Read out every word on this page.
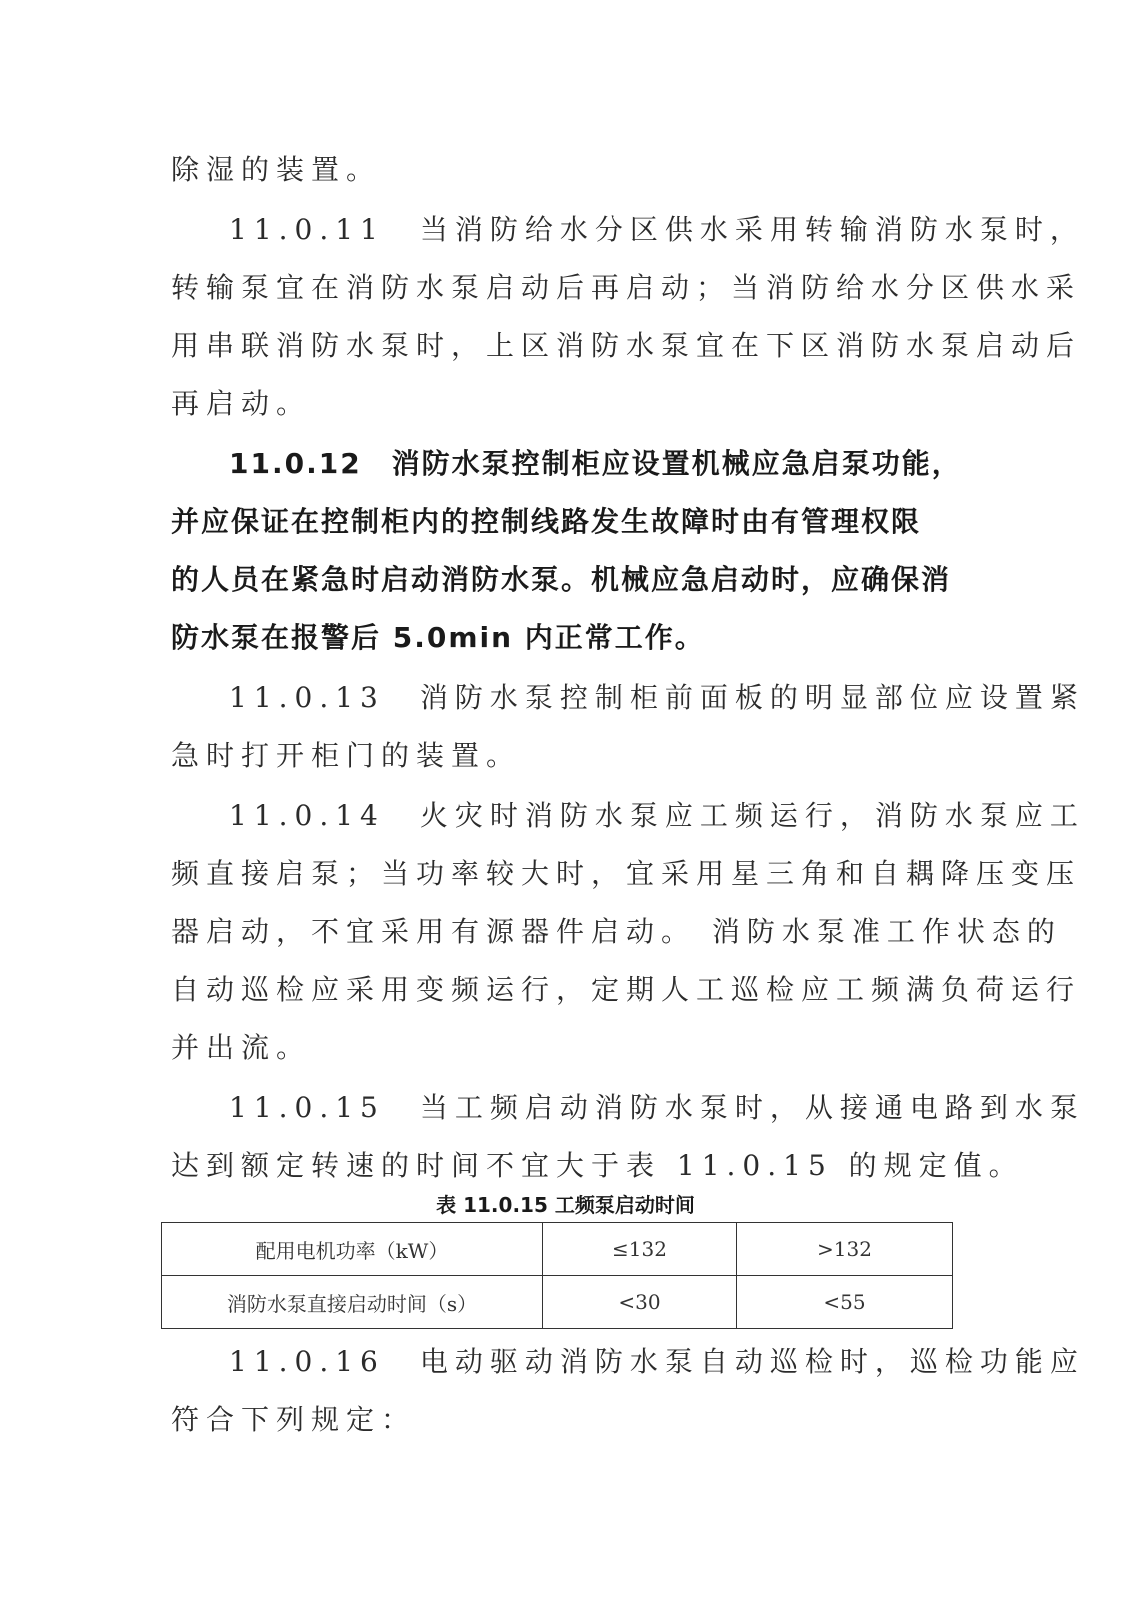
除湿的装置。
11.0.11　当消防给水分区供水采用转输消防水泵时，
转输泵宜在消防水泵启动后再启动；当消防给水分区供水采
用串联消防水泵时，上区消防水泵宜在下区消防水泵启动后
再启动。
11.0.12　消防水泵控制柜应设置机械应急启泵功能，
并应保证在控制柜内的控制线路发生故障时由有管理权限
的人员在紧急时启动消防水泵。机械应急启动时，应确保消
防水泵在报警后 5.0min 内正常工作。
11.0.13　消防水泵控制柜前面板的明显部位应设置紧
急时打开柜门的装置。
11.0.14　火灾时消防水泵应工频运行，消防水泵应工
频直接启泵；当功率较大时，宜采用星三角和自耦降压变压
器启动，不宜采用有源器件启动。 消防水泵准工作状态的
自动巡检应采用变频运行，定期人工巡检应工频满负荷运行
并出流。
11.0.15　当工频启动消防水泵时，从接通电路到水泵
达到额定转速的时间不宜大于表 11.0.15 的规定值。
表 11.0.15 工频泵启动时间
配用电机功率（kW）	≤132	>132
消防水泵直接启动时间（s）	<30	<55
11.0.16　电动驱动消防水泵自动巡检时，巡检功能应
符合下列规定：
